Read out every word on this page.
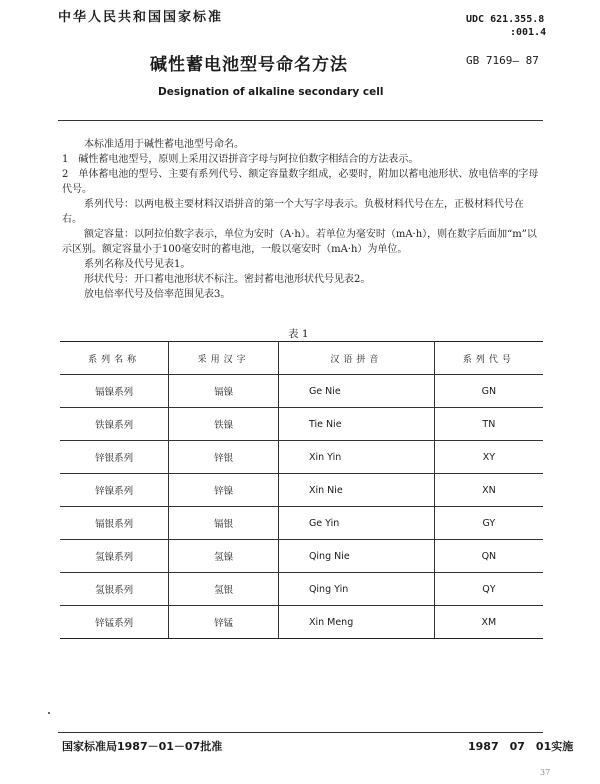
中华人民共和国国家标准	UDC 621.355.8
:001.4
碱性蓄电池型号命名方法	GB 7169— 87
Designation of alkaline secondary cell

本标准适用于碱性蓄电池型号命名。

1　碱性蓄电池型号，原则上采用汉语拼音字母与阿拉伯数字相结合的方法表示。

2　单体蓄电池的型号、主要有系列代号、额定容量数字组成，必要时，附加以蓄电池形状、放电倍率的字母代号。

系列代号：以两电极主要材料汉语拼音的第一个大写字母表示。负极材料代号在左，正极材料代号在右。

额定容量：以阿拉伯数字表示，单位为安时（A·h）。若单位为毫安时（mA·h），则在数字后面加“m”以示区别。额定容量小于100毫安时的蓄电池，一般以毫安时（mA·h）为单位。

系列名称及代号见表1。

形状代号：开口蓄电池形状不标注。密封蓄电池形状代号见表2。

放电倍率代号及倍率范围见表3。

表 1
系列名称	采用汉字	汉语拼音	系列代号
镉镍系列	镉镍	Ge Nie	GN
铁镍系列	铁镍	Tie Nie	TN
锌银系列	锌银	Xin Yin	XY
锌镍系列	锌镍	Xin Nie	XN
镉银系列	镉银	Ge Yin	GY
氢镍系列	氢镍	Qing Nie	QN
氢银系列	氢银	Qing Yin	QY
锌锰系列	锌锰	Xin Meng	XM
国家标准局1987－01－07批准	1987　07　01实施
37
